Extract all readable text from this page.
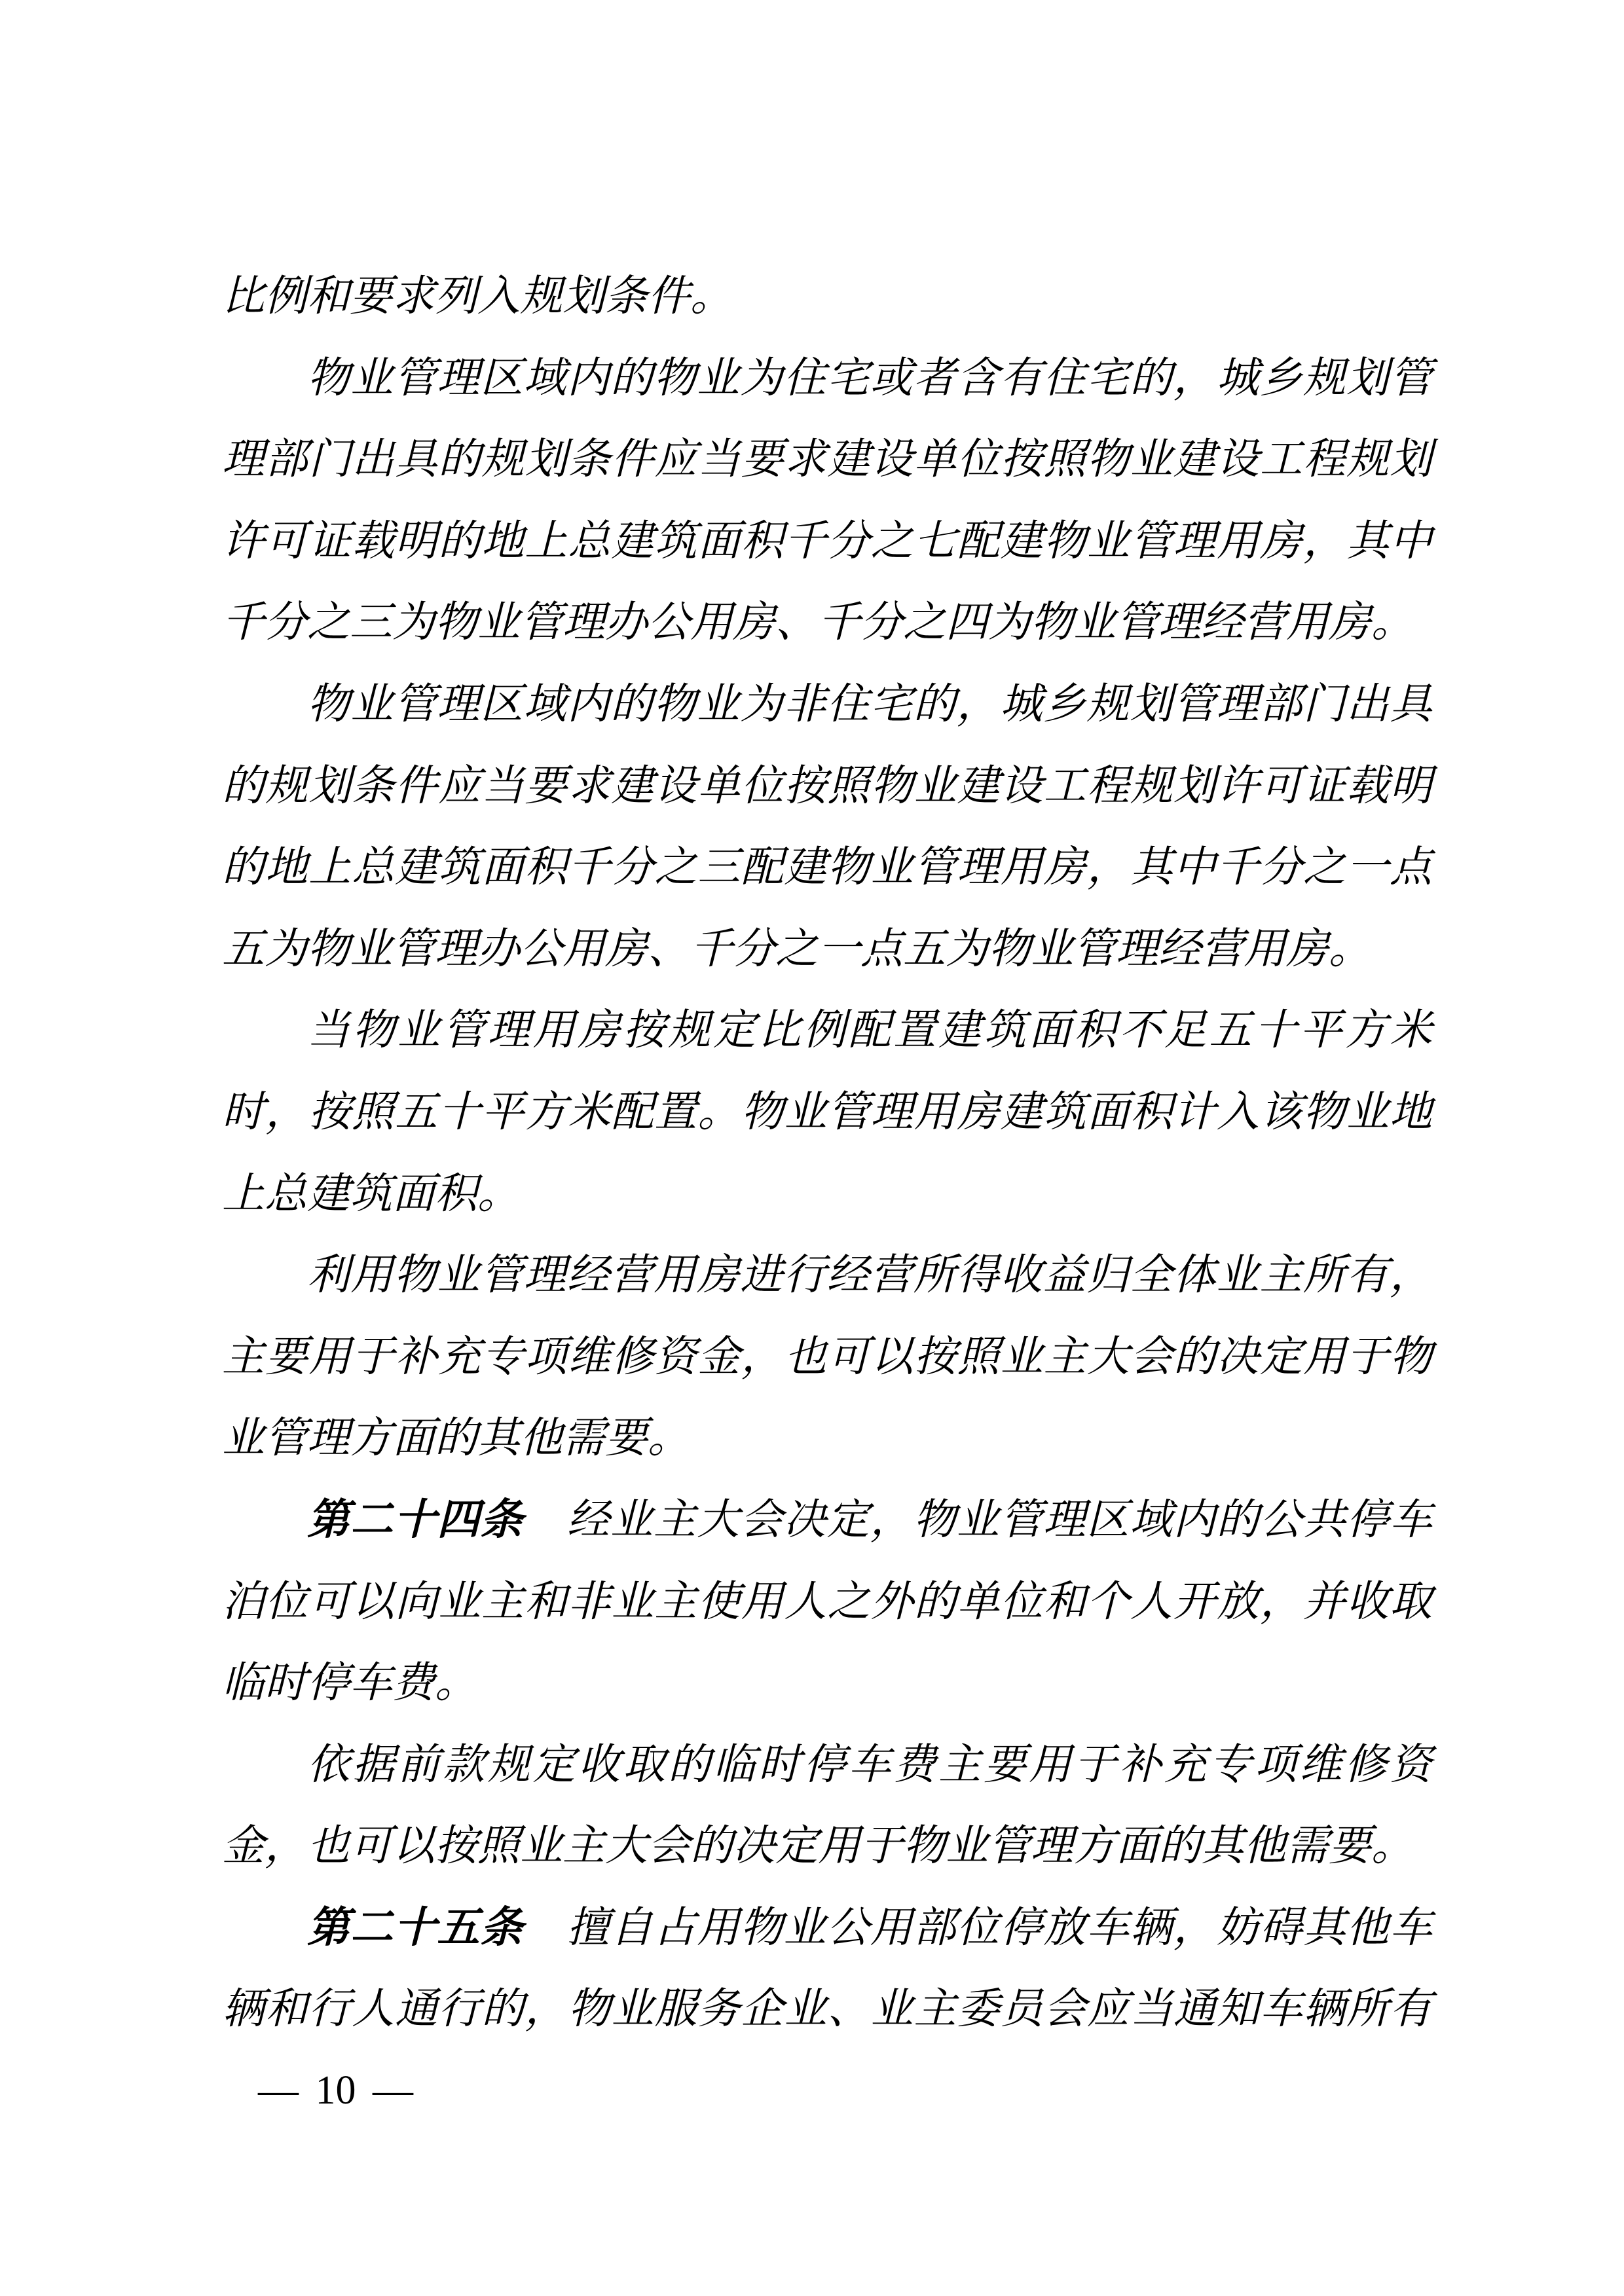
比例和要求列入规划条件。
物业管理区域内的物业为住宅或者含有住宅的，城乡规划管
理部门出具的规划条件应当要求建设单位按照物业建设工程规划
许可证载明的地上总建筑面积千分之七配建物业管理用房，其中
千分之三为物业管理办公用房、千分之四为物业管理经营用房。
物业管理区域内的物业为非住宅的，城乡规划管理部门出具
的规划条件应当要求建设单位按照物业建设工程规划许可证载明
的地上总建筑面积千分之三配建物业管理用房，其中千分之一点
五为物业管理办公用房、千分之一点五为物业管理经营用房。
当物业管理用房按规定比例配置建筑面积不足五十平方米
时，按照五十平方米配置。物业管理用房建筑面积计入该物业地
上总建筑面积。
利用物业管理经营用房进行经营所得收益归全体业主所有，
主要用于补充专项维修资金，也可以按照业主大会的决定用于物
业管理方面的其他需要。
第二十四条　经业主大会决定，物业管理区域内的公共停车
泊位可以向业主和非业主使用人之外的单位和个人开放，并收取
临时停车费。
依据前款规定收取的临时停车费主要用于补充专项维修资
金，也可以按照业主大会的决定用于物业管理方面的其他需要。
第二十五条　擅自占用物业公用部位停放车辆，妨碍其他车
辆和行人通行的，物业服务企业、业主委员会应当通知车辆所有
— 10 —
